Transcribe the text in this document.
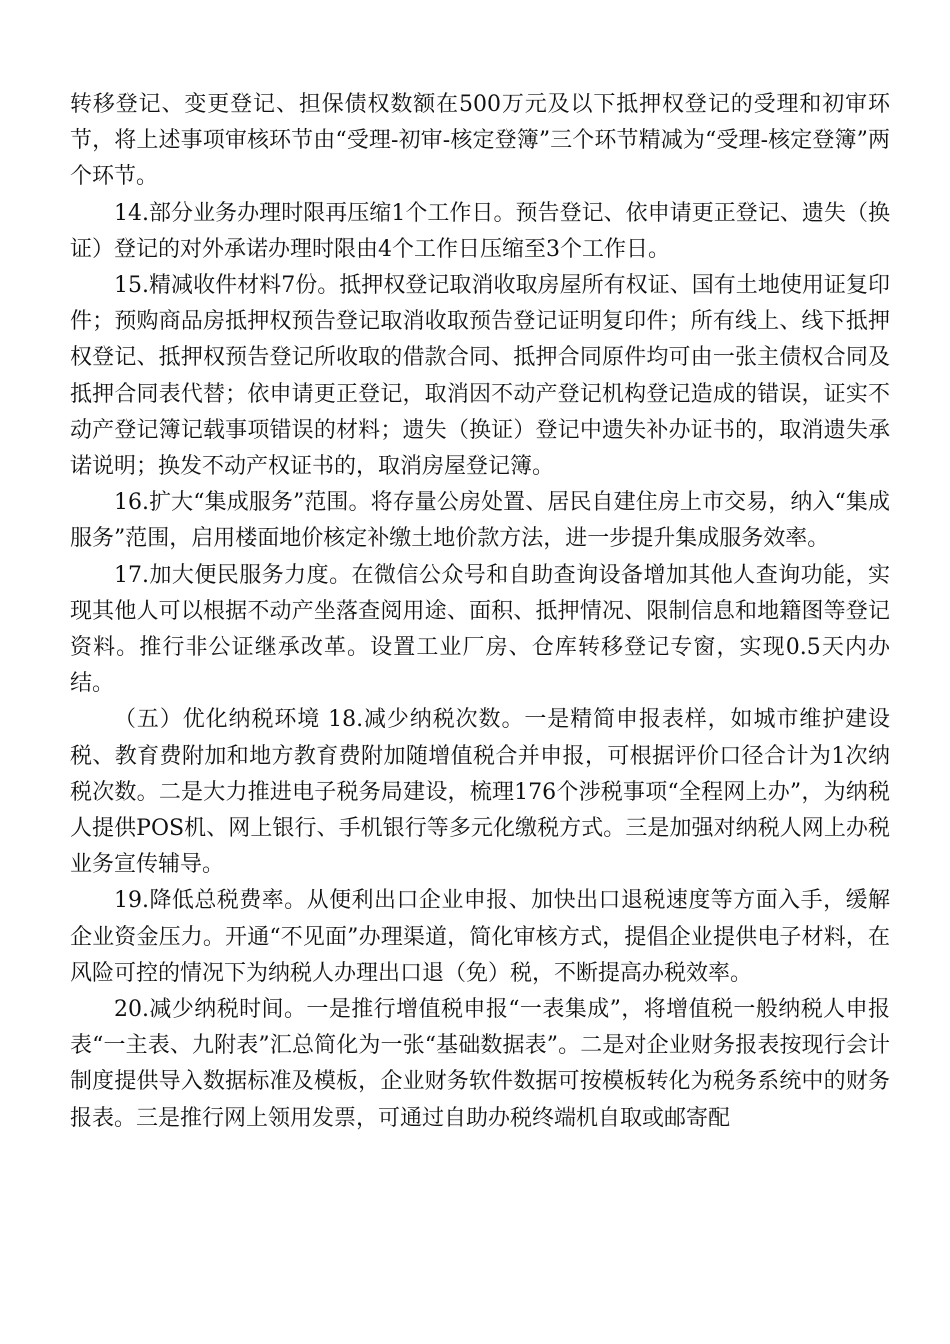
转移登记、变更登记、担保债权数额在500万元及以下抵押权登记的受理和初审环节，将上述事项审核环节由“受理-初审-核定登簿”三个环节精减为“受理-核定登簿”两个环节。

14.部分业务办理时限再压缩1个工作日。预告登记、依申请更正登记、遗失（换证）登记的对外承诺办理时限由4个工作日压缩至3个工作日。

15.精减收件材料7份。抵押权登记取消收取房屋所有权证、国有土地使用证复印件；预购商品房抵押权预告登记取消收取预告登记证明复印件；所有线上、线下抵押权登记、抵押权预告登记所收取的借款合同、抵押合同原件均可由一张主债权合同及抵押合同表代替；依申请更正登记，取消因不动产登记机构登记造成的错误，证实不动产登记簿记载事项错误的材料；遗失（换证）登记中遗失补办证书的，取消遗失承诺说明；换发不动产权证书的，取消房屋登记簿。

16.扩大“集成服务”范围。将存量公房处置、居民自建住房上市交易，纳入“集成服务”范围，启用楼面地价核定补缴土地价款方法，进一步提升集成服务效率。

17.加大便民服务力度。在微信公众号和自助查询设备增加其他人查询功能，实现其他人可以根据不动产坐落查阅用途、面积、抵押情况、限制信息和地籍图等登记资料。推行非公证继承改革。设置工业厂房、仓库转移登记专窗，实现0.5天内办结。

（五）优化纳税环境 18.减少纳税次数。一是精简申报表样，如城市维护建设税、教育费附加和地方教育费附加随增值税合并申报，可根据评价口径合计为1次纳税次数。二是大力推进电子税务局建设，梳理176个涉税事项“全程网上办”，为纳税人提供POS机、网上银行、手机银行等多元化缴税方式。三是加强对纳税人网上办税业务宣传辅导。

19.降低总税费率。从便利出口企业申报、加快出口退税速度等方面入手，缓解企业资金压力。开通“不见面”办理渠道，简化审核方式，提倡企业提供电子材料，在风险可控的情况下为纳税人办理出口退（免）税，不断提高办税效率。

20.减少纳税时间。一是推行增值税申报“一表集成”，将增值税一般纳税人申报表“一主表、九附表”汇总简化为一张“基础数据表”。二是对企业财务报表按现行会计制度提供导入数据标准及模板，企业财务软件数据可按模板转化为税务系统中的财务报表。三是推行网上领用发票，可通过自助办税终端机自取或邮寄配
